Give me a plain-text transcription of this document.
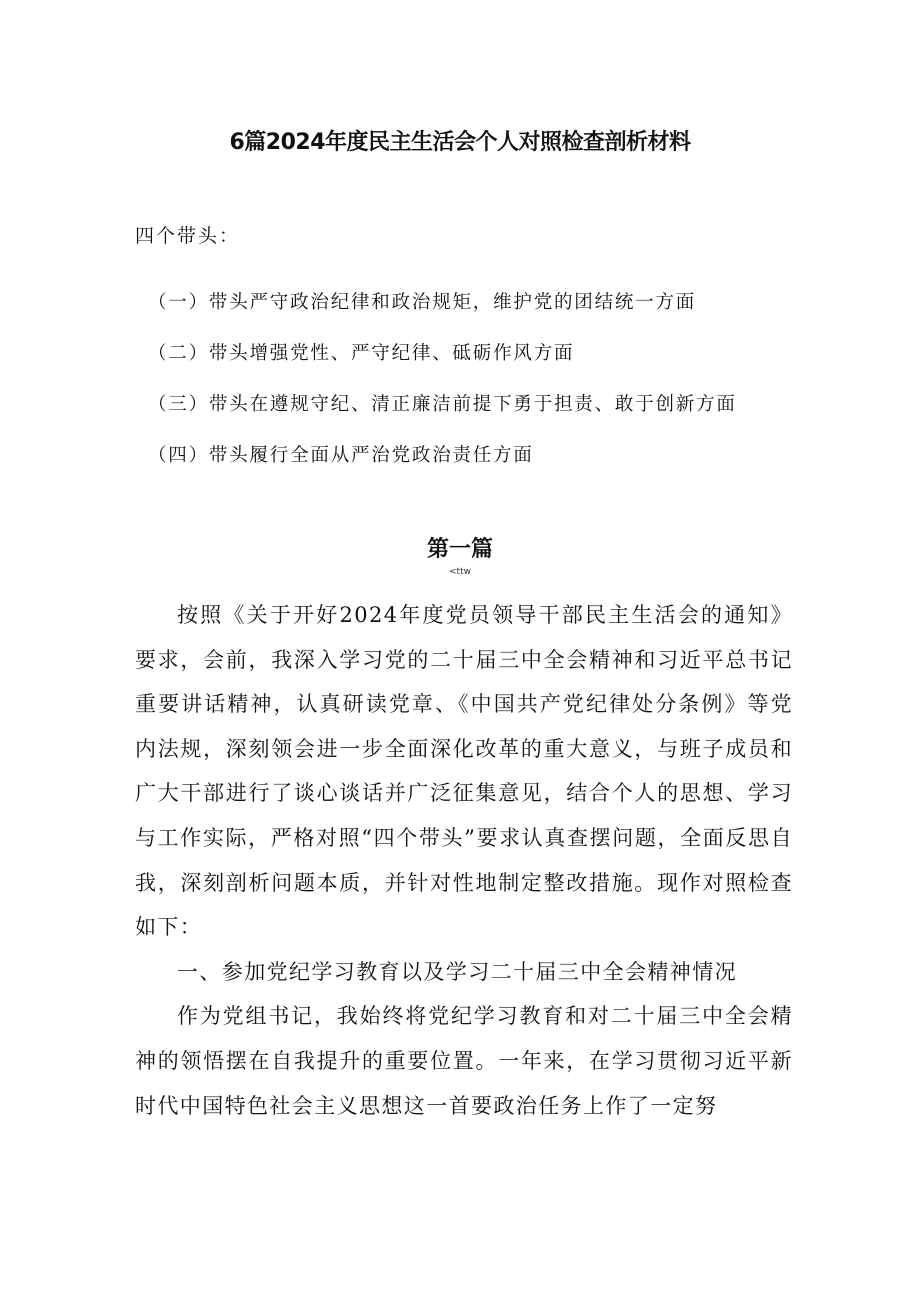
6篇2024年度民主生活会个人对照检查剖析材料
四个带头：
（一）带头严守政治纪律和政治规矩，维护党的团结统一方面
（二）带头增强党性、严守纪律、砥砺作风方面
（三）带头在遵规守纪、清正廉洁前提下勇于担责、敢于创新方面
（四）带头履行全面从严治党政治责任方面
第一篇
<ttw

按照《关于开好2024年度党员领导干部民主生活会的通知》要求，会前，我深入学习党的二十届三中全会精神和习近平总书记重要讲话精神，认真研读党章、《中国共产党纪律处分条例》等党内法规，深刻领会进一步全面深化改革的重大意义，与班子成员和广大干部进行了谈心谈话并广泛征集意见，结合个人的思想、学习与工作实际，严格对照“四个带头”要求认真查摆问题，全面反思自我，深刻剖析问题本质，并针对性地制定整改措施。现作对照检查如下：

一、参加党纪学习教育以及学习二十届三中全会精神情况

作为党组书记，我始终将党纪学习教育和对二十届三中全会精神的领悟摆在自我提升的重要位置。一年来，在学习贯彻习近平新时代中国特色社会主义思想这一首要政治任务上作了一定努
